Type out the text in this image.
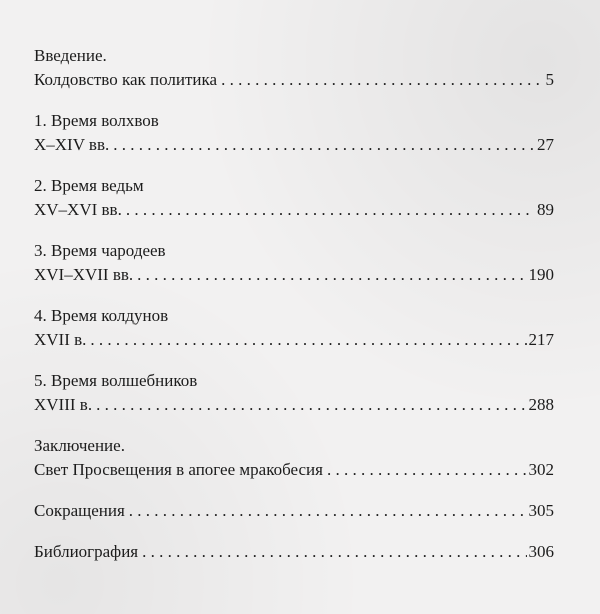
Введение.
Колдовство как политика . . .	5
1. Время волхвов
X–XIV вв. . . .	27
2. Время ведьм
XV–XVI вв. . . .	89
3. Время чародеев
XVI–XVII вв. . . .	190
4. Время колдунов
XVII в. . . .	217
5. Время волшебников
XVIII в. . . .	288
Заключение.
Свет Просвещения в апогее мракобесия . . .	302
Сокращения . . .	305
Библиография . . .	306
